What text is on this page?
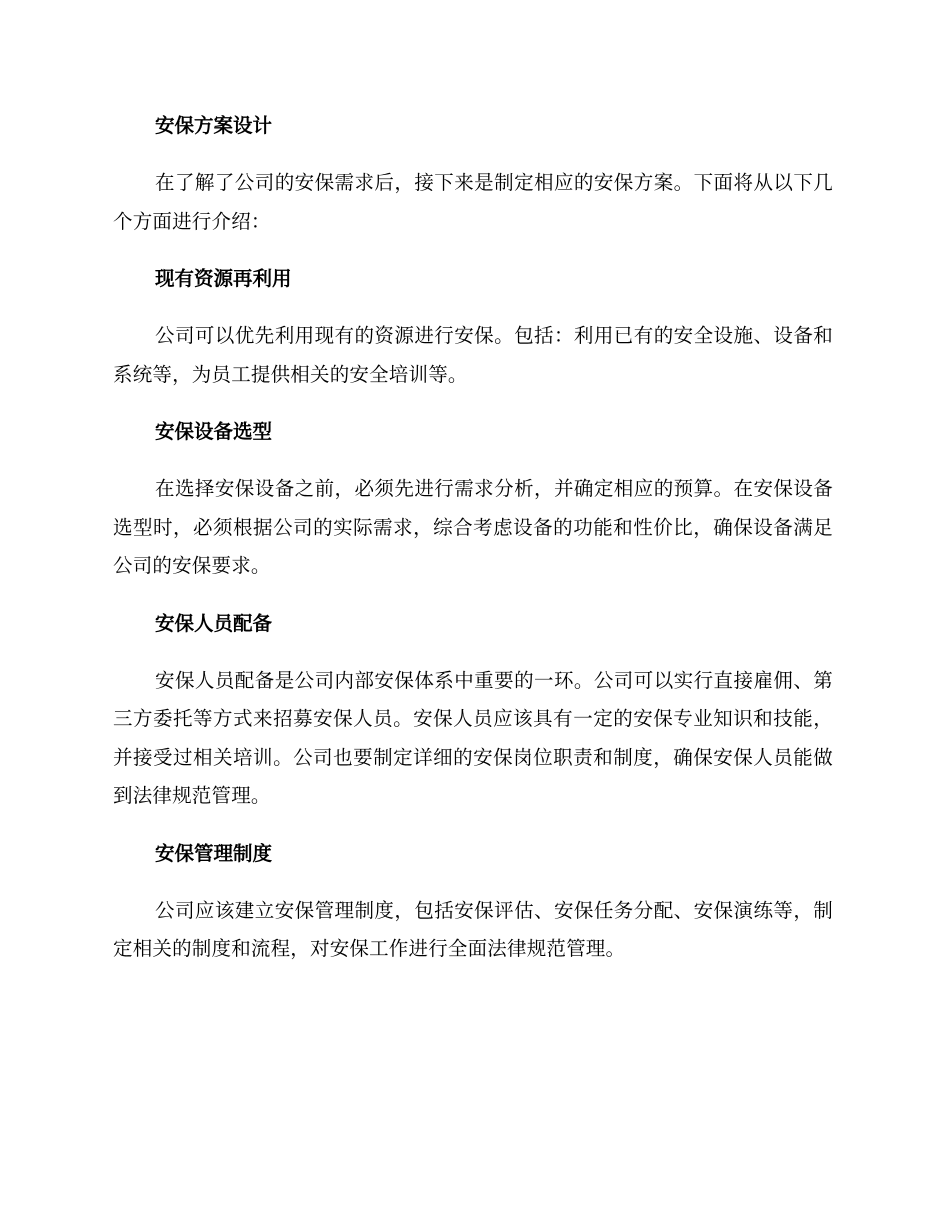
安保方案设计

在了解了公司的安保需求后，接下来是制定相应的安保方案。下面将从以下几个方面进行介绍：

现有资源再利用

公司可以优先利用现有的资源进行安保。包括：利用已有的安全设施、设备和系统等，为员工提供相关的安全培训等。

安保设备选型

在选择安保设备之前，必须先进行需求分析，并确定相应的预算。在安保设备选型时，必须根据公司的实际需求，综合考虑设备的功能和性价比，确保设备满足公司的安保要求。

安保人员配备

安保人员配备是公司内部安保体系中重要的一环。公司可以实行直接雇佣、第三方委托等方式来招募安保人员。安保人员应该具有一定的安保专业知识和技能，并接受过相关培训。公司也要制定详细的安保岗位职责和制度，确保安保人员能做到法律规范管理。

安保管理制度

公司应该建立安保管理制度，包括安保评估、安保任务分配、安保演练等，制定相关的制度和流程，对安保工作进行全面法律规范管理。
